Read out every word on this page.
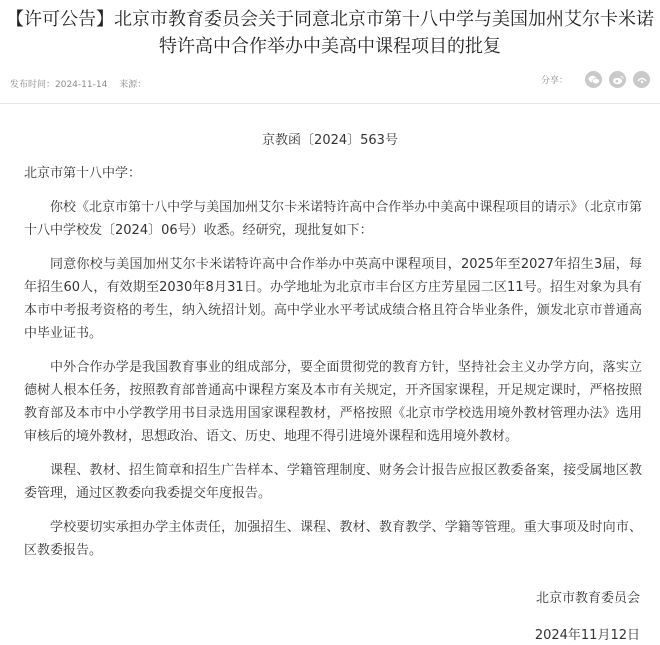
【许可公告】北京市教育委员会关于同意北京市第十八中学与美国加州艾尔卡米诺特许高中合作举办中美高中课程项目的批复
发布时间：2024-11-14 来源：	分享：
京教函〔2024〕563号
北京市第十八中学：

你校《北京市第十八中学与美国加州艾尔卡米诺特许高中合作举办中美高中课程项目的请示》（北京市第十八中学校发〔2024〕06号）收悉。经研究，现批复如下：

同意你校与美国加州艾尔卡米诺特许高中合作举办中英高中课程项目，2025年至2027年招生3届，每年招生60人，有效期至2030年8月31日。办学地址为北京市丰台区方庄芳星园二区11号。招生对象为具有本市中考报考资格的考生，纳入统招计划。高中学业水平考试成绩合格且符合毕业条件，颁发北京市普通高中毕业证书。

中外合作办学是我国教育事业的组成部分，要全面贯彻党的教育方针，坚持社会主义办学方向，落实立德树人根本任务，按照教育部普通高中课程方案及本市有关规定，开齐国家课程，开足规定课时，严格按照教育部及本市中小学教学用书目录选用国家课程教材，严格按照《北京市学校选用境外教材管理办法》选用审核后的境外教材，思想政治、语文、历史、地理不得引进境外课程和选用境外教材。

课程、教材、招生简章和招生广告样本、学籍管理制度、财务会计报告应报区教委备案，接受属地区教委管理，通过区教委向我委提交年度报告。

学校要切实承担办学主体责任，加强招生、课程、教材、教育教学、学籍等管理。重大事项及时向市、区教委报告。

北京市教育委员会
2024年11月12日
